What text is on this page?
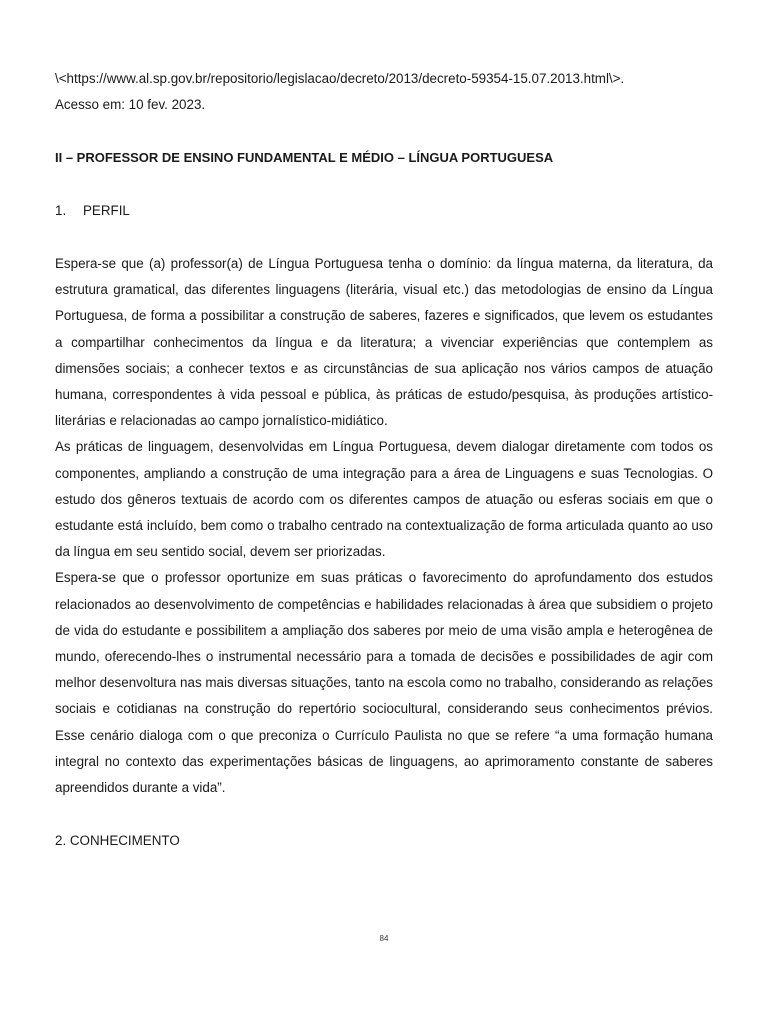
\<https://www.al.sp.gov.br/repositorio/legislacao/decreto/2013/decreto-59354-15.07.2013.html\>.
Acesso em: 10 fev. 2023.
II – PROFESSOR DE ENSINO FUNDAMENTAL E MÉDIO – LÍNGUA PORTUGUESA
1. PERFIL

Espera-se que (a) professor(a) de Língua Portuguesa tenha o domínio: da língua materna, da literatura, da estrutura gramatical, das diferentes linguagens (literária, visual etc.) das metodologias de ensino da Língua Portuguesa, de forma a possibilitar a construção de saberes, fazeres e significados, que levem os estudantes a compartilhar conhecimentos da língua e da literatura; a vivenciar experiências que contemplem as dimensões sociais; a conhecer textos e as circunstâncias de sua aplicação nos vários campos de atuação humana, correspondentes à vida pessoal e pública, às práticas de estudo/pesquisa, às produções artístico-literárias e relacionadas ao campo jornalístico-midiático.

As práticas de linguagem, desenvolvidas em Língua Portuguesa, devem dialogar diretamente com todos os componentes, ampliando a construção de uma integração para a área de Linguagens e suas Tecnologias. O estudo dos gêneros textuais de acordo com os diferentes campos de atuação ou esferas sociais em que o estudante está incluído, bem como o trabalho centrado na contextualização de forma articulada quanto ao uso da língua em seu sentido social, devem ser priorizadas.

Espera-se que o professor oportunize em suas práticas o favorecimento do aprofundamento dos estudos relacionados ao desenvolvimento de competências e habilidades relacionadas à área que subsidiem o projeto de vida do estudante e possibilitem a ampliação dos saberes por meio de uma visão ampla e heterogênea de mundo, oferecendo-lhes o instrumental necessário para a tomada de decisões e possibilidades de agir com melhor desenvoltura nas mais diversas situações, tanto na escola como no trabalho, considerando as relações sociais e cotidianas na construção do repertório sociocultural, considerando seus conhecimentos prévios. Esse cenário dialoga com o que preconiza o Currículo Paulista no que se refere “a uma formação humana integral no contexto das experimentações básicas de linguagens, ao aprimoramento constante de saberes apreendidos durante a vida”.

2. CONHECIMENTO
84
